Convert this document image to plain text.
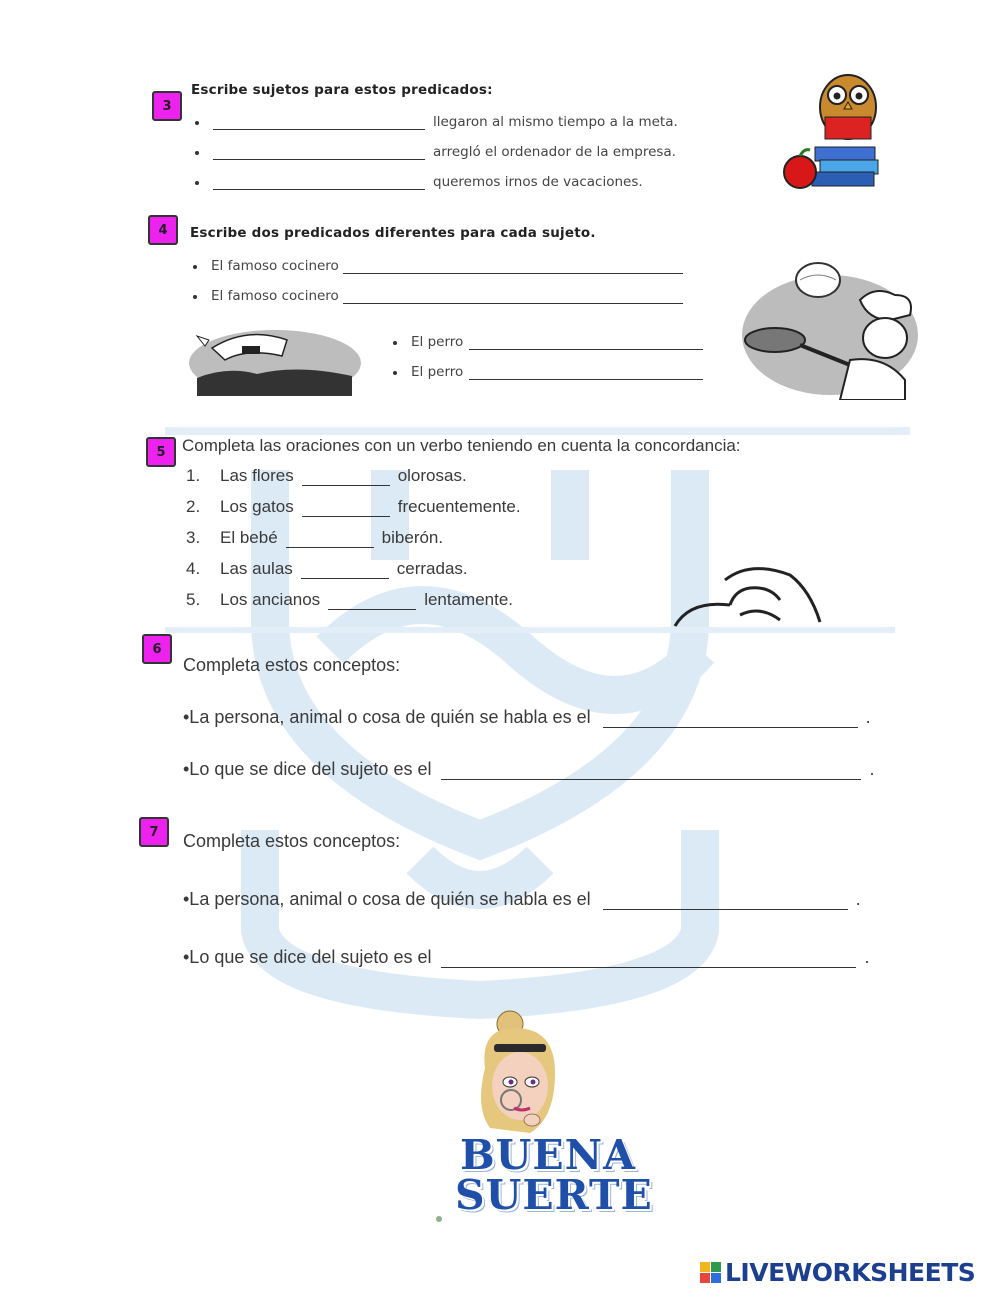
3
Escribe sujetos para estos predicados:
llegaron al mismo tiempo a la meta.
arregló el ordenador de la empresa.
queremos irnos de vacaciones.
4 Escribe dos predicados diferentes para cada sujeto.
El famoso cocinero
El famoso cocinero
El perro
El perro
5 Completa las oraciones con un verbo teniendo en cuenta la concordancia:
1.	Las flores	olorosas.
2.	Los gatos	frecuentemente.
3.	El bebé	biberón.
4.	Las aulas	cerradas.
5.	Los ancianos	lentamente.
6
Completa estos conceptos:
•La persona, animal o cosa de quién se habla es el	.
•Lo que se dice del sujeto es el	.
7 Completa estos conceptos:
•La persona, animal o cosa de quién se habla es el	.
•Lo que se dice del sujeto es el	.
BUENA
SUERTE
LIVEWORKSHEETS
